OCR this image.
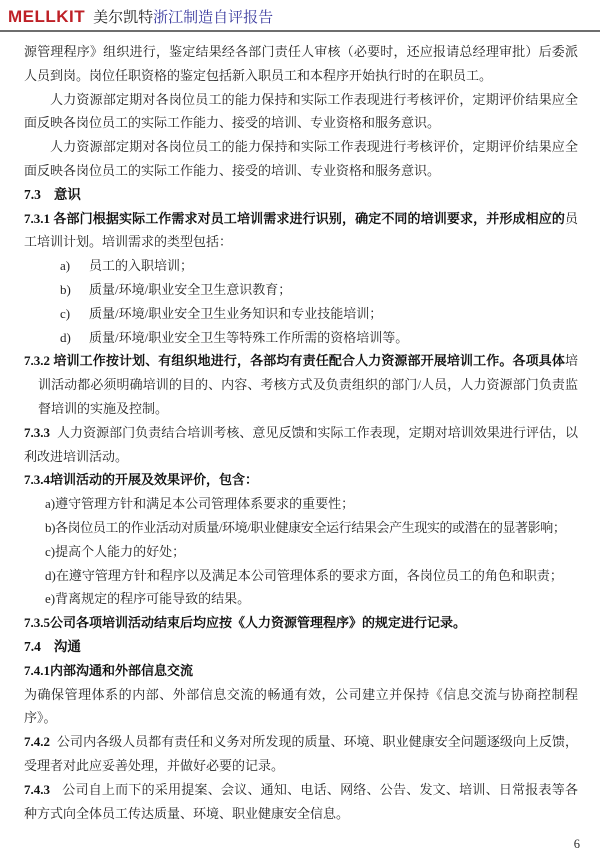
MELLKIT 美尔凯特浙江制造自评报告

源管理程序》组织进行，鉴定结果经各部门责任人审核（必要时，还应报请总经理审批）后委派人员到岗。岗位任职资格的鉴定包括新入职员工和本程序开始执行时的在职员工。

人力资源部定期对各岗位员工的能力保持和实际工作表现进行考核评价，定期评价结果应全面反映各岗位员工的实际工作能力、接受的培训、专业资格和服务意识。

人力资源部定期对各岗位员工的能力保持和实际工作表现进行考核评价，定期评价结果应全面反映各岗位员工的实际工作能力、接受的培训、专业资格和服务意识。

7.3 意识

7.3.1 各部门根据实际工作需求对员工培训需求进行识别，确定不同的培训要求，并形成相应的员工培训计划。培训需求的类型包括：

a) 员工的入职培训；
b) 质量/环境/职业安全卫生意识教育；
c) 质量/环境/职业安全卫生业务知识和专业技能培训；
d) 质量/环境/职业安全卫生等特殊工作所需的资格培训等。

7.3.2 培训工作按计划、有组织地进行，各部均有责任配合人力资源部开展培训工作。各项具体培训活动都必须明确培训的目的、内容、考核方式及负责组织的部门/人员，人力资源部门负责监督培训的实施及控制。

7.3.3 人力资源部门负责结合培训考核、意见反馈和实际工作表现，定期对培训效果进行评估，以利改进培训活动。

7.3.4培训活动的开展及效果评价，包含：

a)遵守管理方针和满足本公司管理体系要求的重要性；
b)各岗位员工的作业活动对质量/环境/职业健康安全运行结果会产生现实的或潜在的显著影响；
c)提高个人能力的好处；
d)在遵守管理方针和程序以及满足本公司管理体系的要求方面，各岗位员工的角色和职责；
e)背离规定的程序可能导致的结果。

7.3.5公司各项培训活动结束后均应按《人力资源管理程序》的规定进行记录。

7.4 沟通

7.4.1内部沟通和外部信息交流

为确保管理体系的内部、外部信息交流的畅通有效，公司建立并保持《信息交流与协商控制程序》。

7.4.2 公司内各级人员都有责任和义务对所发现的质量、环境、职业健康安全问题逐级向上反馈，受理者对此应妥善处理，并做好必要的记录。

7.4.3 公司自上而下的采用提案、会议、通知、电话、网络、公告、发文、培训、日常报表等各种方式向全体员工传达质量、环境、职业健康安全信息。

6
